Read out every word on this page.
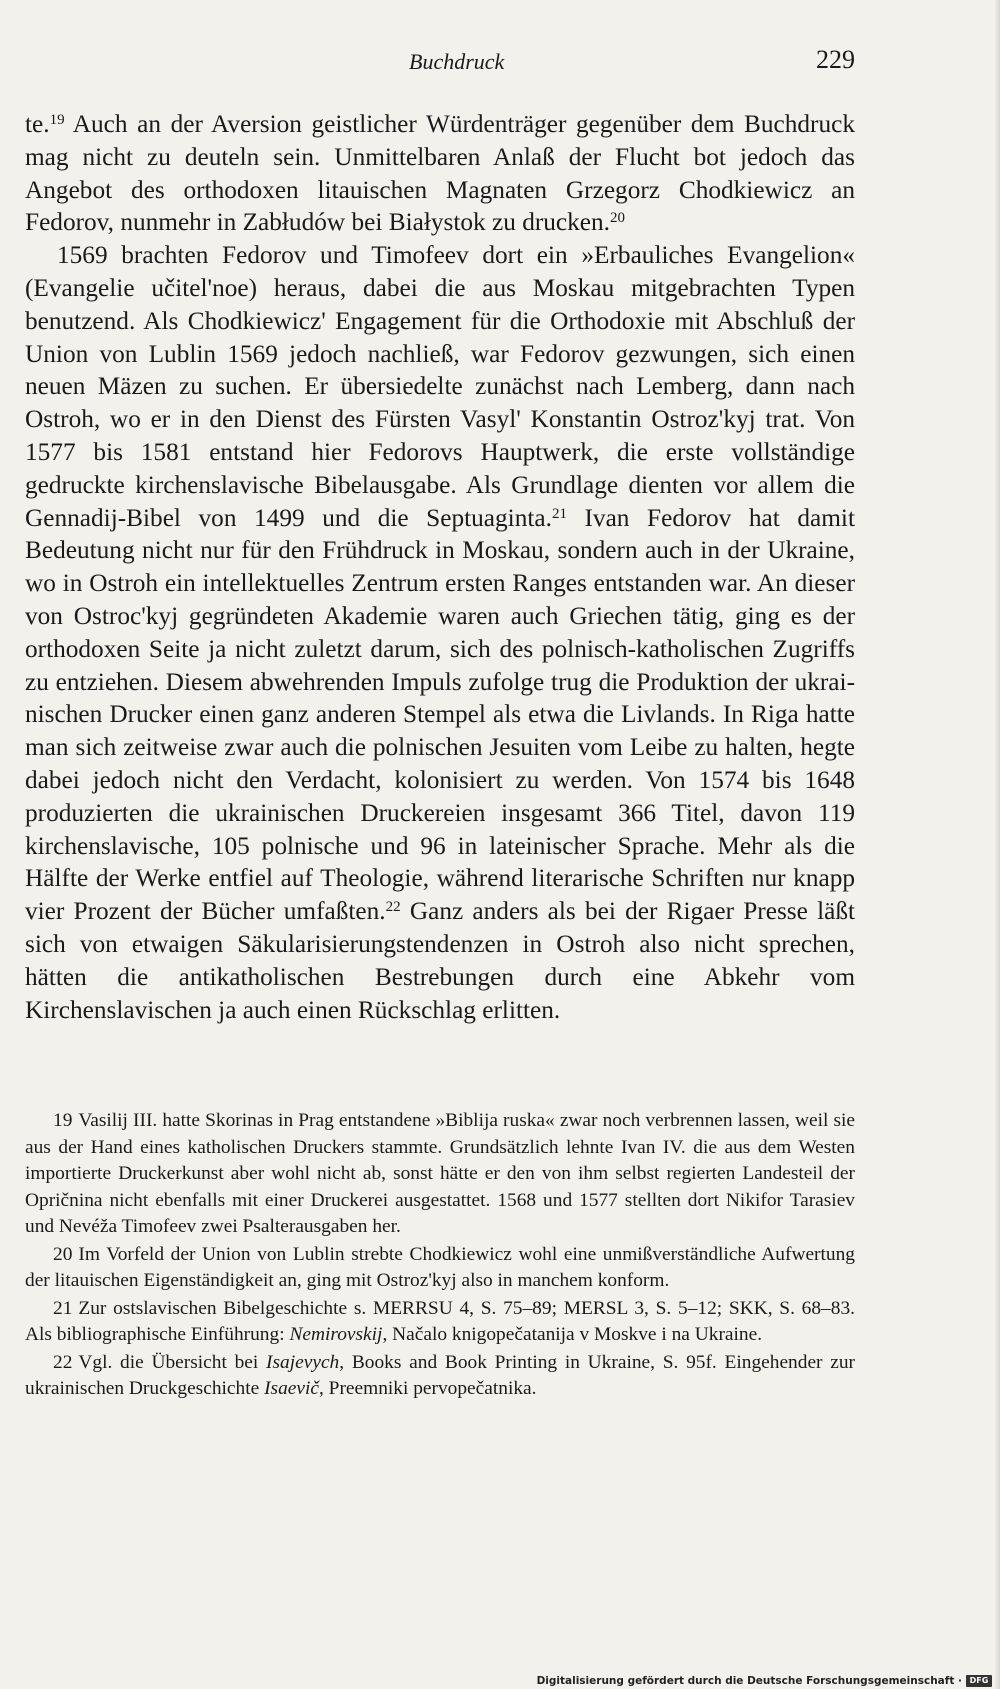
Buchdruck	229

te.$^{19}$ Auch an der Aversion geistlicher Würdenträger gegenüber dem Buchdruck mag nicht zu deuteln sein. Unmittelbaren Anlaß der Flucht bot jedoch das Angebot des orthodoxen litauischen Magnaten Grzegorz Chodkiewicz an Fedorov, nunmehr in Zabłudów bei Białystok zu drucken.$^{20}$

1569 brachten Fedorov und Timofeev dort ein »Erbauliches Evangelion« (Evangelie učitel'noe) heraus, dabei die aus Moskau mitgebrachten Typen benutzend. Als Chodkiewicz' Engagement für die Orthodoxie mit Abschluß der Union von Lublin 1569 jedoch nachließ, war Fedorov gezwungen, sich einen neuen Mäzen zu suchen. Er übersiedelte zunächst nach Lemberg, dann nach Ostroh, wo er in den Dienst des Fürsten Vasyl' Konstantin Ostroz'kyj trat. Von 1577 bis 1581 entstand hier Fedorovs Hauptwerk, die erste vollständige gedruckte kirchenslavische Bibelausgabe. Als Grundlage dienten vor allem die Gennadij-Bibel von 1499 und die Septuaginta.$^{21}$ Ivan Fedorov hat damit Bedeutung nicht nur für den Frühdruck in Moskau, sondern auch in der Ukraine, wo in Ostroh ein intellektuelles Zentrum ersten Ranges entstanden war. An dieser von Ostroc'kyj gegründeten Akademie waren auch Griechen tätig, ging es der orthodoxen Seite ja nicht zuletzt darum, sich des polnisch-katholischen Zugriffs zu entziehen. Diesem abwehrenden Impuls zufolge trug die Produktion der ukrainischen Drucker einen ganz anderen Stempel als etwa die Livlands. In Riga hatte man sich zeitweise zwar auch die polnischen Jesuiten vom Leibe zu halten, hegte dabei jedoch nicht den Verdacht, kolonisiert zu werden. Von 1574 bis 1648 produzierten die ukrainischen Druckereien insgesamt 366 Titel, davon 119 kirchenslavische, 105 polnische und 96 in lateinischer Sprache. Mehr als die Hälfte der Werke entfiel auf Theologie, während literarische Schriften nur knapp vier Prozent der Bücher umfaßten.$^{22}$ Ganz anders als bei der Rigaer Presse läßt sich von etwaigen Säkularisierungstendenzen in Ostroh also nicht sprechen, hätten die antikatholischen Bestrebungen durch eine Abkehr vom Kirchenslavischen ja auch einen Rückschlag erlitten.

19 Vasilij III. hatte Skorinas in Prag entstandene »Biblija ruska« zwar noch verbrennen lassen, weil sie aus der Hand eines katholischen Druckers stammte. Grundsätzlich lehnte Ivan IV. die aus dem Westen importierte Druckerkunst aber wohl nicht ab, sonst hätte er den von ihm selbst regierten Landesteil der Opričnina nicht ebenfalls mit einer Druckerei ausgestattet. 1568 und 1577 stellten dort Nikifor Tarasiev und Nevéža Timofeev zwei Psalterausgaben her.

20 Im Vorfeld der Union von Lublin strebte Chodkiewicz wohl eine unmißverständliche Aufwertung der litauischen Eigenständigkeit an, ging mit Ostroz'kyj also in manchem konform.

21 Zur ostslavischen Bibelgeschichte s. MERRSU 4, S. 75–89; MERSL 3, S. 5–12; SKK, S. 68–83. Als bibliographische Einführung: Nemirovskij, Načalo knigopečatanija v Moskve i na Ukraine.

22 Vgl. die Übersicht bei Isajevych, Books and Book Printing in Ukraine, S. 95f. Eingehender zur ukrainischen Druckgeschichte Isaevič, Preemniki pervopečatnika.

Digitalisierung gefördert durch die Deutsche Forschungsgemeinschaft · DFG
